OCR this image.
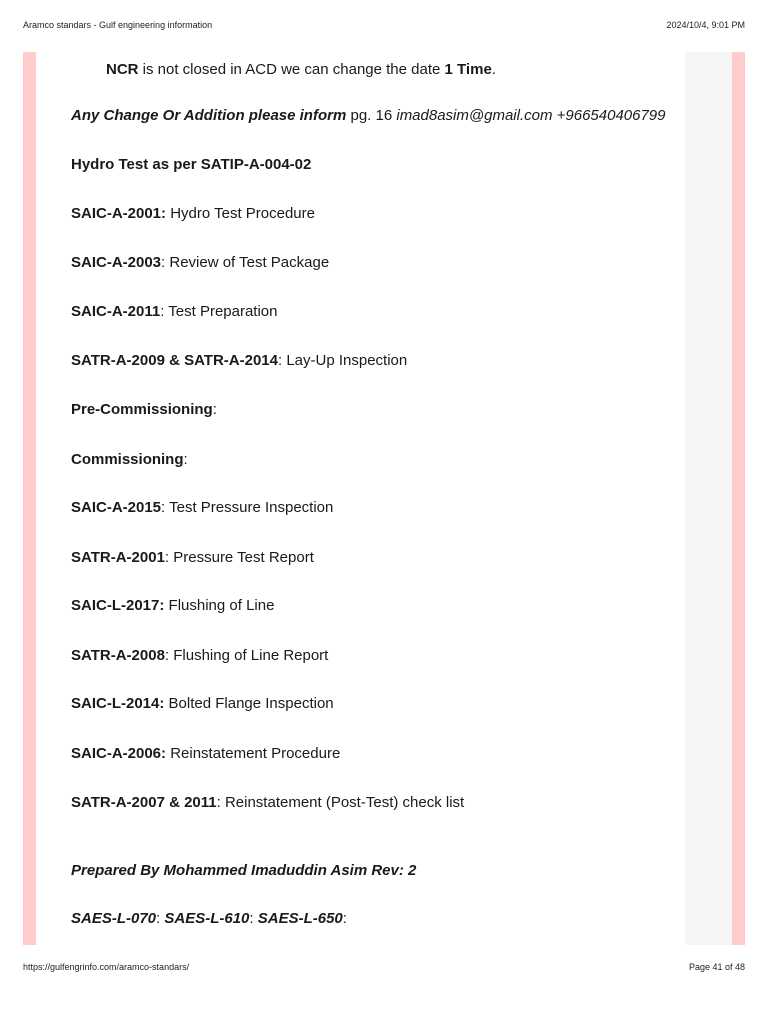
Aramco standars - Gulf engineering information	2024/10/4, 9:01 PM
NCR is not closed in ACD we can change the date 1 Time.
Any Change Or Addition please inform pg. 16 imad8asim@gmail.com +966540406799
Hydro Test as per SATIP-A-004-02
SAIC-A-2001: Hydro Test Procedure
SAIC-A-2003: Review of Test Package
SAIC-A-2011: Test Preparation
SATR-A-2009 & SATR-A-2014: Lay-Up Inspection
Pre-Commissioning:
Commissioning:
SAIC-A-2015: Test Pressure Inspection
SATR-A-2001: Pressure Test Report
SAIC-L-2017: Flushing of Line
SATR-A-2008: Flushing of Line Report
SAIC-L-2014: Bolted Flange Inspection
SAIC-A-2006: Reinstatement Procedure
SATR-A-2007 & 2011: Reinstatement (Post-Test) check list
Prepared By Mohammed Imaduddin Asim Rev: 2
SAES-L-070: SAES-L-610: SAES-L-650:
https://gulfengrinfo.com/aramco-standars/	Page 41 of 48
